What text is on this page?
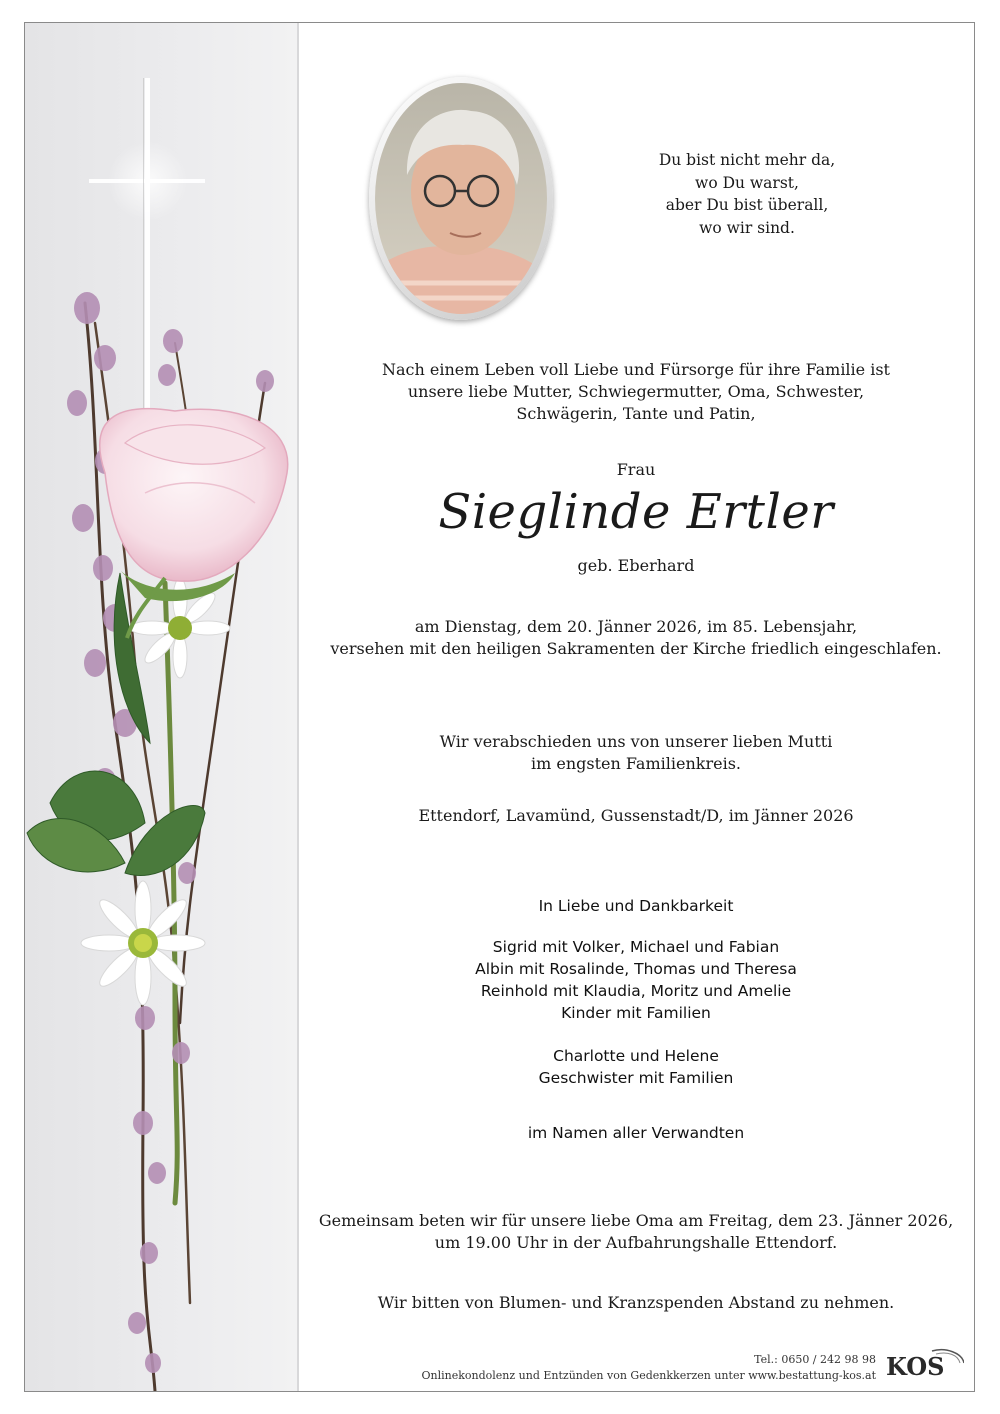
Du bist nicht mehr da,
wo Du warst,
aber Du bist überall,
wo wir sind.
Nach einem Leben voll Liebe und Fürsorge für ihre Familie ist
unsere liebe Mutter, Schwiegermutter, Oma, Schwester,
Schwägerin, Tante und Patin,
Frau
Sieglinde Ertler
geb. Eberhard
am Dienstag, dem 20. Jänner 2026, im 85. Lebensjahr,
versehen mit den heiligen Sakramenten der Kirche friedlich eingeschlafen.
Wir verabschieden uns von unserer lieben Mutti
im engsten Familienkreis.
Ettendorf, Lavamünd, Gussenstadt/D, im Jänner 2026
In Liebe und Dankbarkeit
Sigrid mit Volker, Michael und Fabian
Albin mit Rosalinde, Thomas und Theresa
Reinhold mit Klaudia, Moritz und Amelie
Kinder mit Familien
Charlotte und Helene
Geschwister mit Familien
im Namen aller Verwandten
Gemeinsam beten wir für unsere liebe Oma am Freitag, dem 23. Jänner 2026,
um 19.00 Uhr in der Aufbahrungshalle Ettendorf.
Wir bitten von Blumen- und Kranzspenden Abstand zu nehmen.
Tel.: 0650 / 242 98 98
Onlinekondolenz und Entzünden von Gedenkkerzen unter www.bestattung-kos.at KOS
